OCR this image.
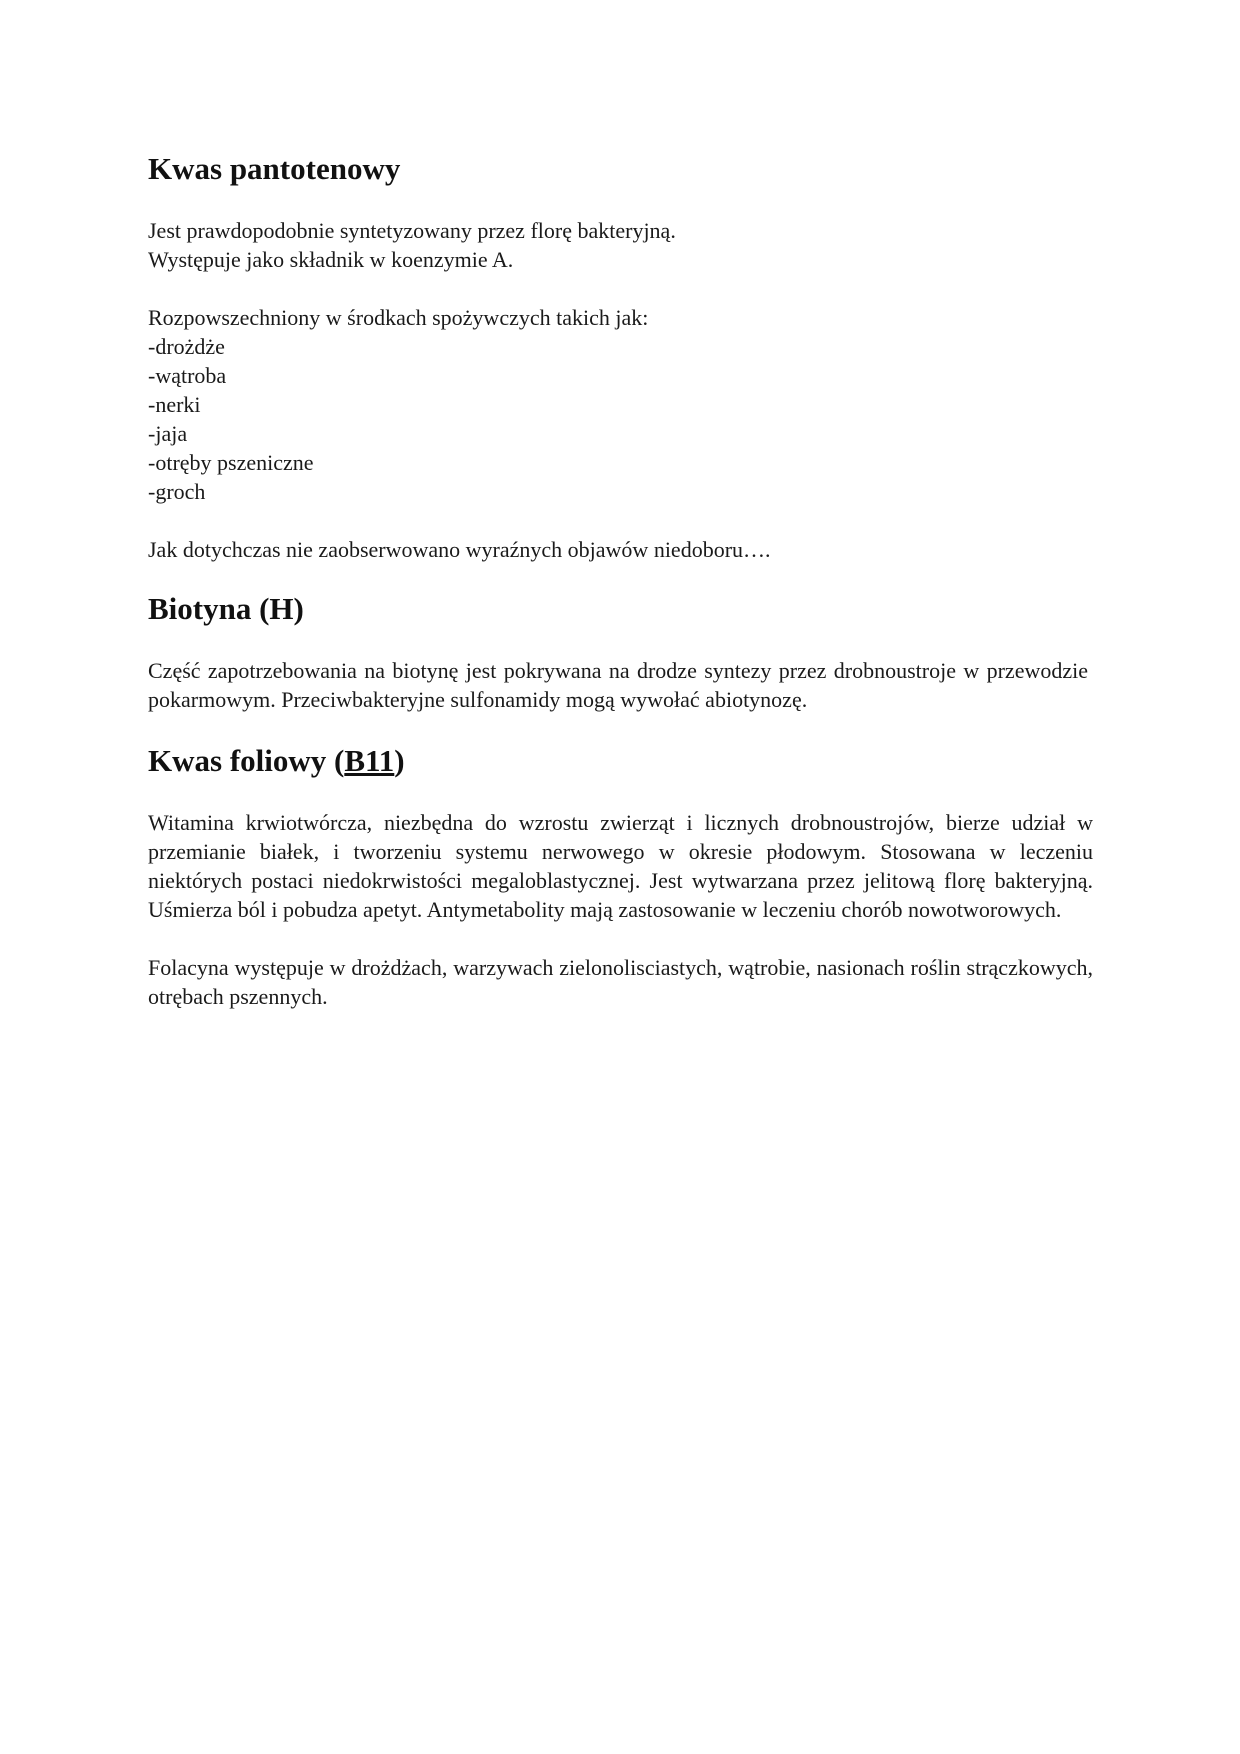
Kwas pantotenowy
Jest prawdopodobnie syntetyzowany przez florę bakteryjną.
Występuje jako składnik w koenzymie A.
Rozpowszechniony w środkach spożywczych takich jak:
-drożdże
-wątroba
-nerki
-jaja
-otręby pszeniczne
-groch
Jak dotychczas nie zaobserwowano wyraźnych objawów niedoboru….
Biotyna (H)

Część zapotrzebowania na biotynę jest pokrywana na drodze syntezy przez drobnoustroje w przewodzie pokarmowym. Przeciwbakteryjne sulfonamidy mogą wywołać abiotynozę.

Kwas foliowy (B11)

Witamina krwiotwórcza, niezbędna do wzrostu zwierząt i licznych drobnoustrojów, bierze udział w przemianie białek, i tworzeniu systemu nerwowego w okresie płodowym. Stosowana w leczeniu niektórych postaci niedokrwistości megaloblastycznej. Jest wytwarzana przez jelitową florę bakteryjną. Uśmierza ból i pobudza apetyt. Antymetabolity mają zastosowanie w leczeniu chorób nowotworowych.

Folacyna występuje w drożdżach, warzywach zielonolisciastych, wątrobie, nasionach roślin strączkowych, otrębach pszennych.
